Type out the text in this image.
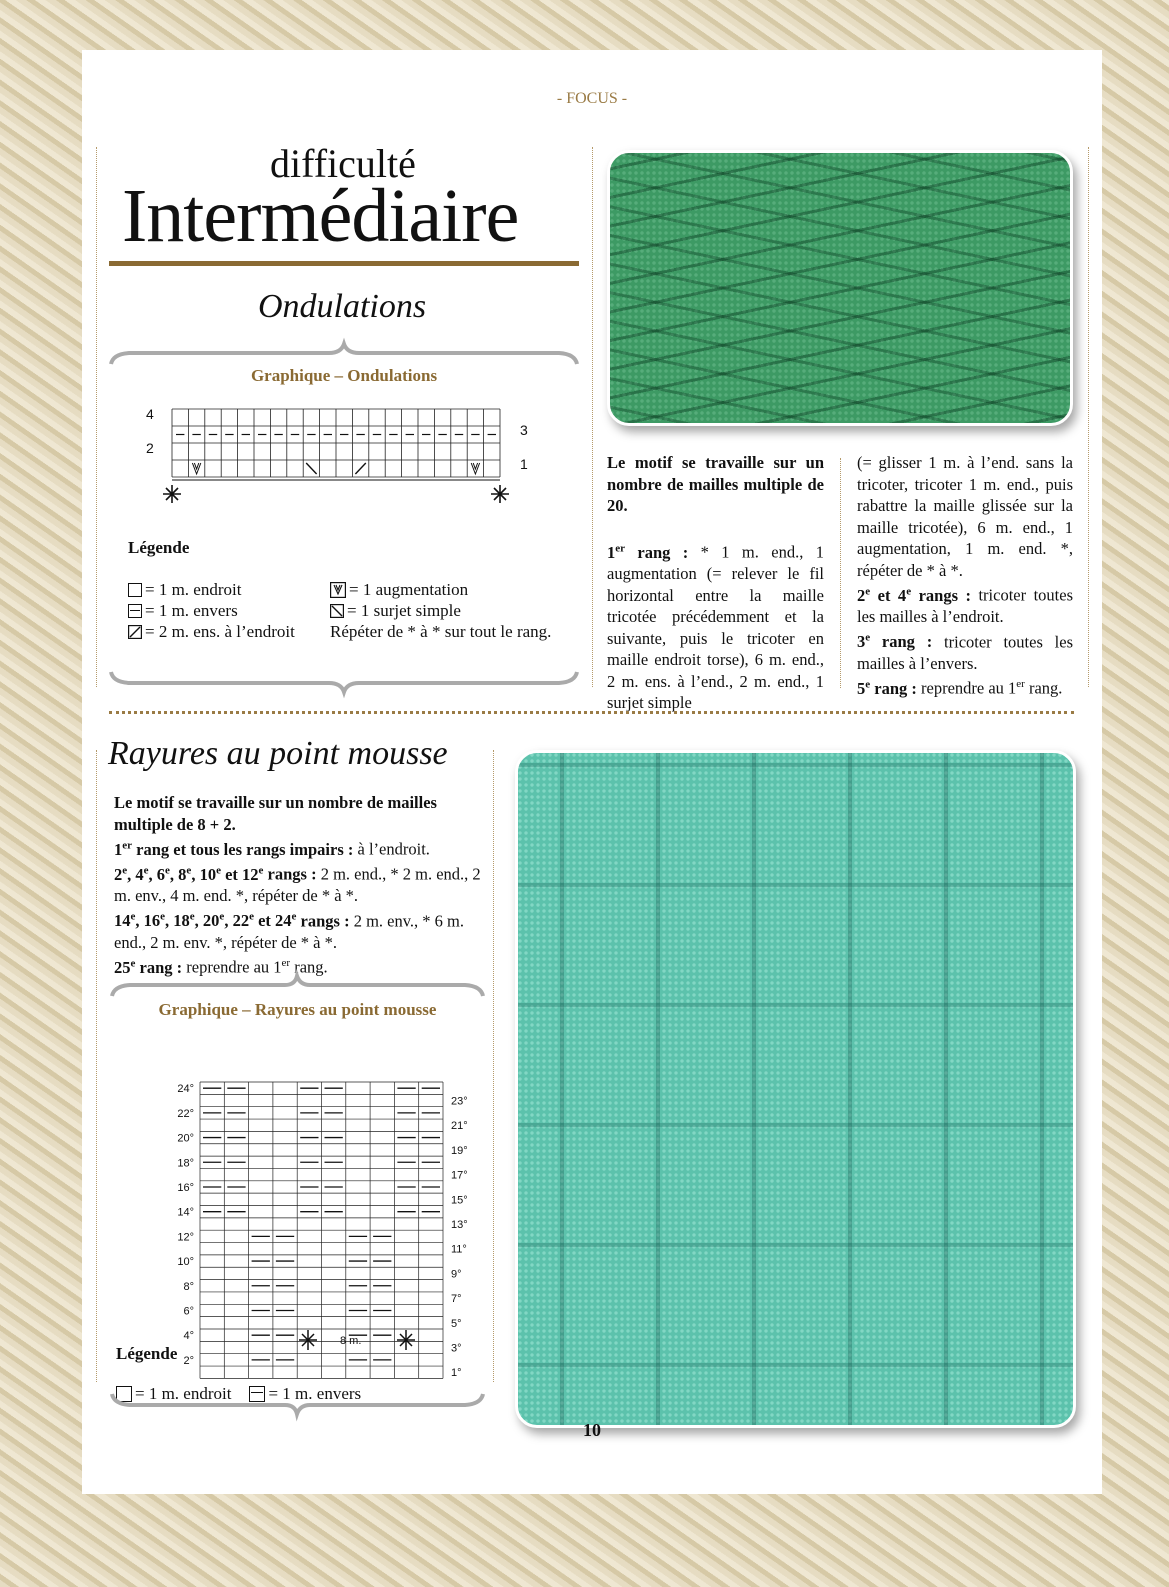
- FOCUS -
difficulté
Intermédiaire
Ondulations
Graphique – Ondulations
4
2
3
1
Légende
= 1 m. endroit
= 1 m. envers
= 2 m. ens. à l’endroit
= 1 augmentation
= 1 surjet simple
Répéter de * à * sur tout le rang.
Le motif se travaille sur un nombre de mailles multiple de 20.

1er rang : * 1 m. end., 1 augmentation (= relever le fil horizontal entre la maille tricotée précédemment et la suivante, puis le tricoter en maille endroit torse), 6 m. end., 2 m. ens. à l’end., 2 m. end., 1 surjet simple
(= glisser 1 m. à l’end. sans la tricoter, tricoter 1 m. end., puis rabattre la maille glissée sur la maille tricotée), 6 m. end., 1 augmentation, 1 m. end. *, répéter de * à *.
2e et 4e rangs : tricoter toutes les mailles à l’endroit.
3e rang : tricoter toutes les mailles à l’envers.
5e rang : reprendre au 1er rang.
Rayures au point mousse
Le motif se travaille sur un nombre de mailles multiple de 8 + 2.
1er rang et tous les rangs impairs : à l’endroit.
2e, 4e, 6e, 8e, 10e et 12e rangs : 2 m. end., * 2 m. end., 2 m. env., 4 m. end. *, répéter de * à *.
14e, 16e, 18e, 20e, 22e et 24e rangs : 2 m. env., * 6 m. end., 2 m. env. *, répéter de * à *.
25e rang : reprendre au 1er rang.
Graphique – Rayures au point mousse
24°
22°
20°
18°
16°
14°
12°
10°
8°
6°
4°
2°
23°
21°
19°
17°
15°
13°
11°
9°
7°
5°
3°
1°
8 m.
Légende
= 1 m. endroit = 1 m. envers
10
